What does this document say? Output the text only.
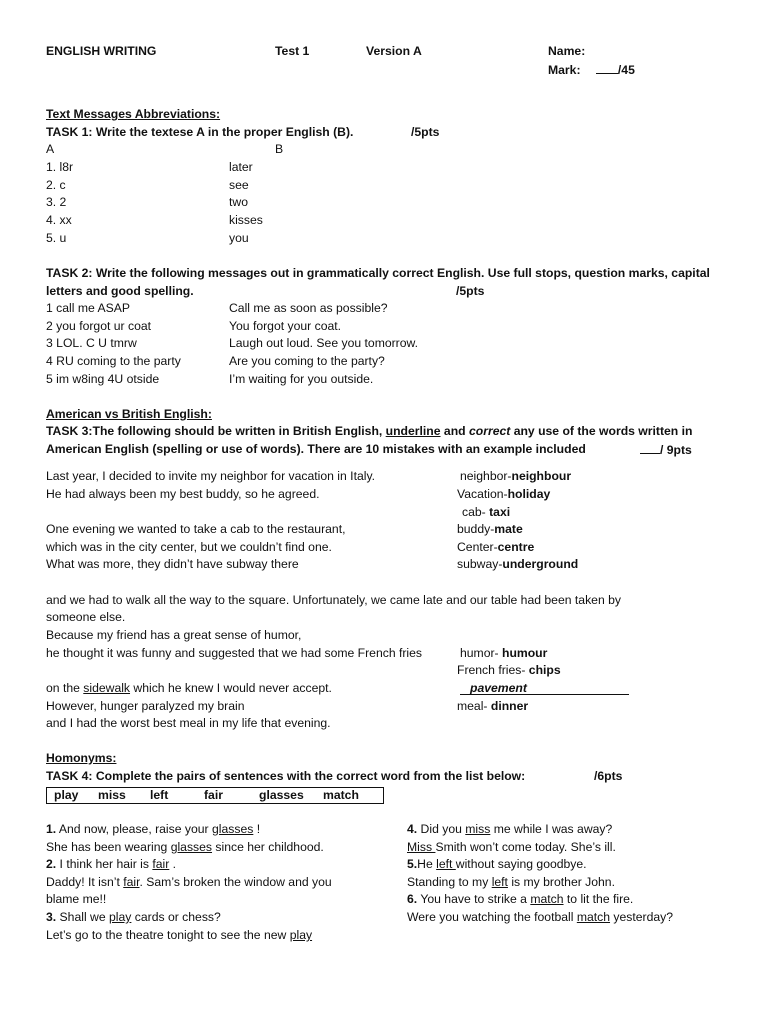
ENGLISH WRITING	Test 1	Version A	Name:
Mark:	/45
Text Messages Abbreviations:
TASK 1: Write the textese A in the proper English (B).	/5pts
A	B
1. l8r	later
2. c	see
3. 2	two
4. xx	kisses
5. u	you
TASK 2: Write the following messages out in grammatically correct English. Use full stops, question marks, capital
letters and good spelling.	/5pts
1 call me ASAP	Call me as soon as possible?
2 you forgot ur coat	You forgot your coat.
3 LOL. C U tmrw	Laugh out loud. See you tomorrow.
4 RU coming to the party	Are you coming to the party?
5 im w8ing 4U otside	I’m waiting for you outside.
American vs British English:
TASK 3:The following should be written in British English, underline and correct any use of the words written in
American English (spelling or use of words). There are 10 mistakes with an example included	/ 9pts
Last year, I decided to invite my neighbor for vacation in Italy.
He had always been my best buddy, so he agreed.
One evening we wanted to take a cab to the restaurant,
which was in the city center, but we couldn’t find one.
What was more, they didn’t have subway there
and we had to walk all the way to the square. Unfortunately, we came late and our table had been taken by
someone else.
Because my friend has a great sense of humor,
he thought it was funny and suggested that we had some French fries
on the sidewalk which he knew I would never accept.
However, hunger paralyzed my brain
and I had the worst best meal in my life that evening.
neighbor-neighbour
Vacation-holiday
cab- taxi
buddy-mate
Center-centre
subway-underground
humor- humour
French fries- chips
pavement
meal- dinner
Homonyms:
TASK 4: Complete the pairs of sentences with the correct word from the list below:	/6pts
play miss left	fair	glasses match
1. And now, please, raise your glasses !
She has been wearing glasses since her childhood.
2. I think her hair is fair .
Daddy! It isn’t fair. Sam’s broken the window and you
blame me!!
3. Shall we play cards or chess?
Let’s go to the theatre tonight to see the new play
4. Did you miss me while I was away?
Miss Smith won’t come today. She’s ill.
5.He left without saying goodbye.
Standing to my left is my brother John.
6. You have to strike a match to lit the fire.
Were you watching the football match yesterday?
